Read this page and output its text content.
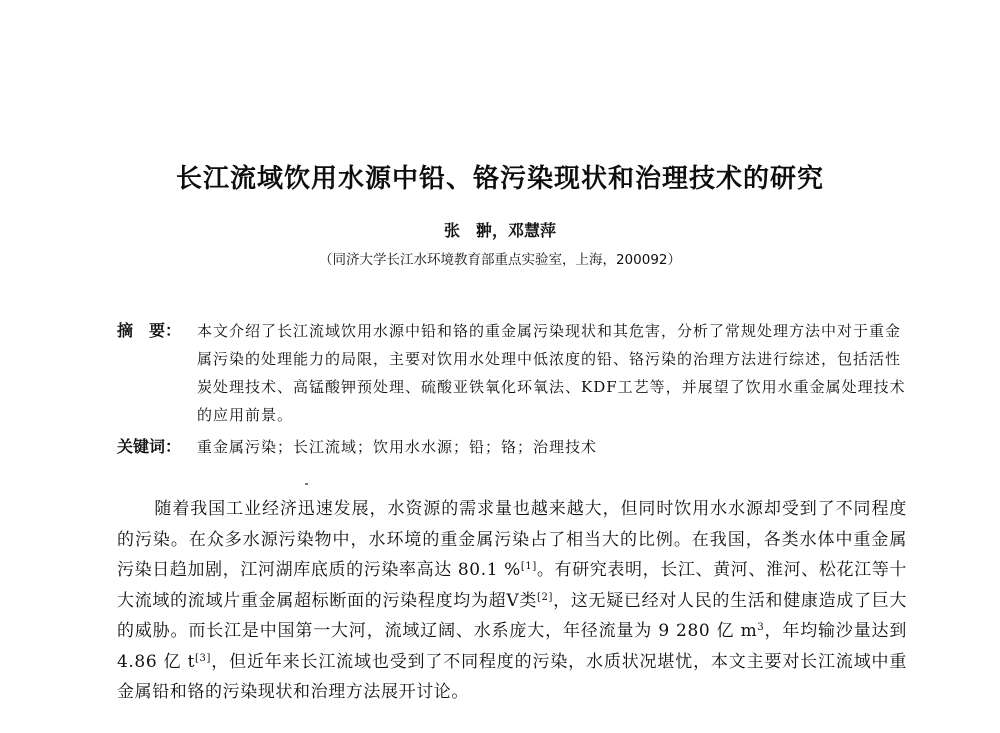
长江流域饮用水源中铅、铬污染现状和治理技术的研究
张　翀，邓慧萍
（同济大学长江水环境教育部重点实验室，上海，200092）
摘　要：	本文介绍了长江流域饮用水源中铅和铬的重金属污染现状和其危害，分析了常规处理方法中对于重金属污染的处理能力的局限，主要对饮用水处理中低浓度的铅、铬污染的治理方法进行综述，包括活性炭处理技术、高锰酸钾预处理、硫酸亚铁氧化环氧法、KDF工艺等，并展望了饮用水重金属处理技术的应用前景。
关键词：	重金属污染；长江流域；饮用水水源；铅；铬；治理技术
随着我国工业经济迅速发展，水资源的需求量也越来越大，但同时饮用水水源却受到了不同程度的污染。在众多水源污染物中，水环境的重金属污染占了相当大的比例。在我国，各类水体中重金属污染日趋加剧，江河湖库底质的污染率高达 80.1 %[1]。有研究表明，长江、黄河、淮河、松花江等十大流域的流域片重金属超标断面的污染程度均为超Ⅴ类[2]，这无疑已经对人民的生活和健康造成了巨大的威胁。而长江是中国第一大河，流域辽阔、水系庞大，年径流量为 9 280 亿 $m^3$，年均输沙量达到 4.86 亿 t[3]，但近年来长江流域也受到了不同程度的污染，水质状况堪忧，本文主要对长江流域中重金属铅和铬的污染现状和治理方法展开讨论。
